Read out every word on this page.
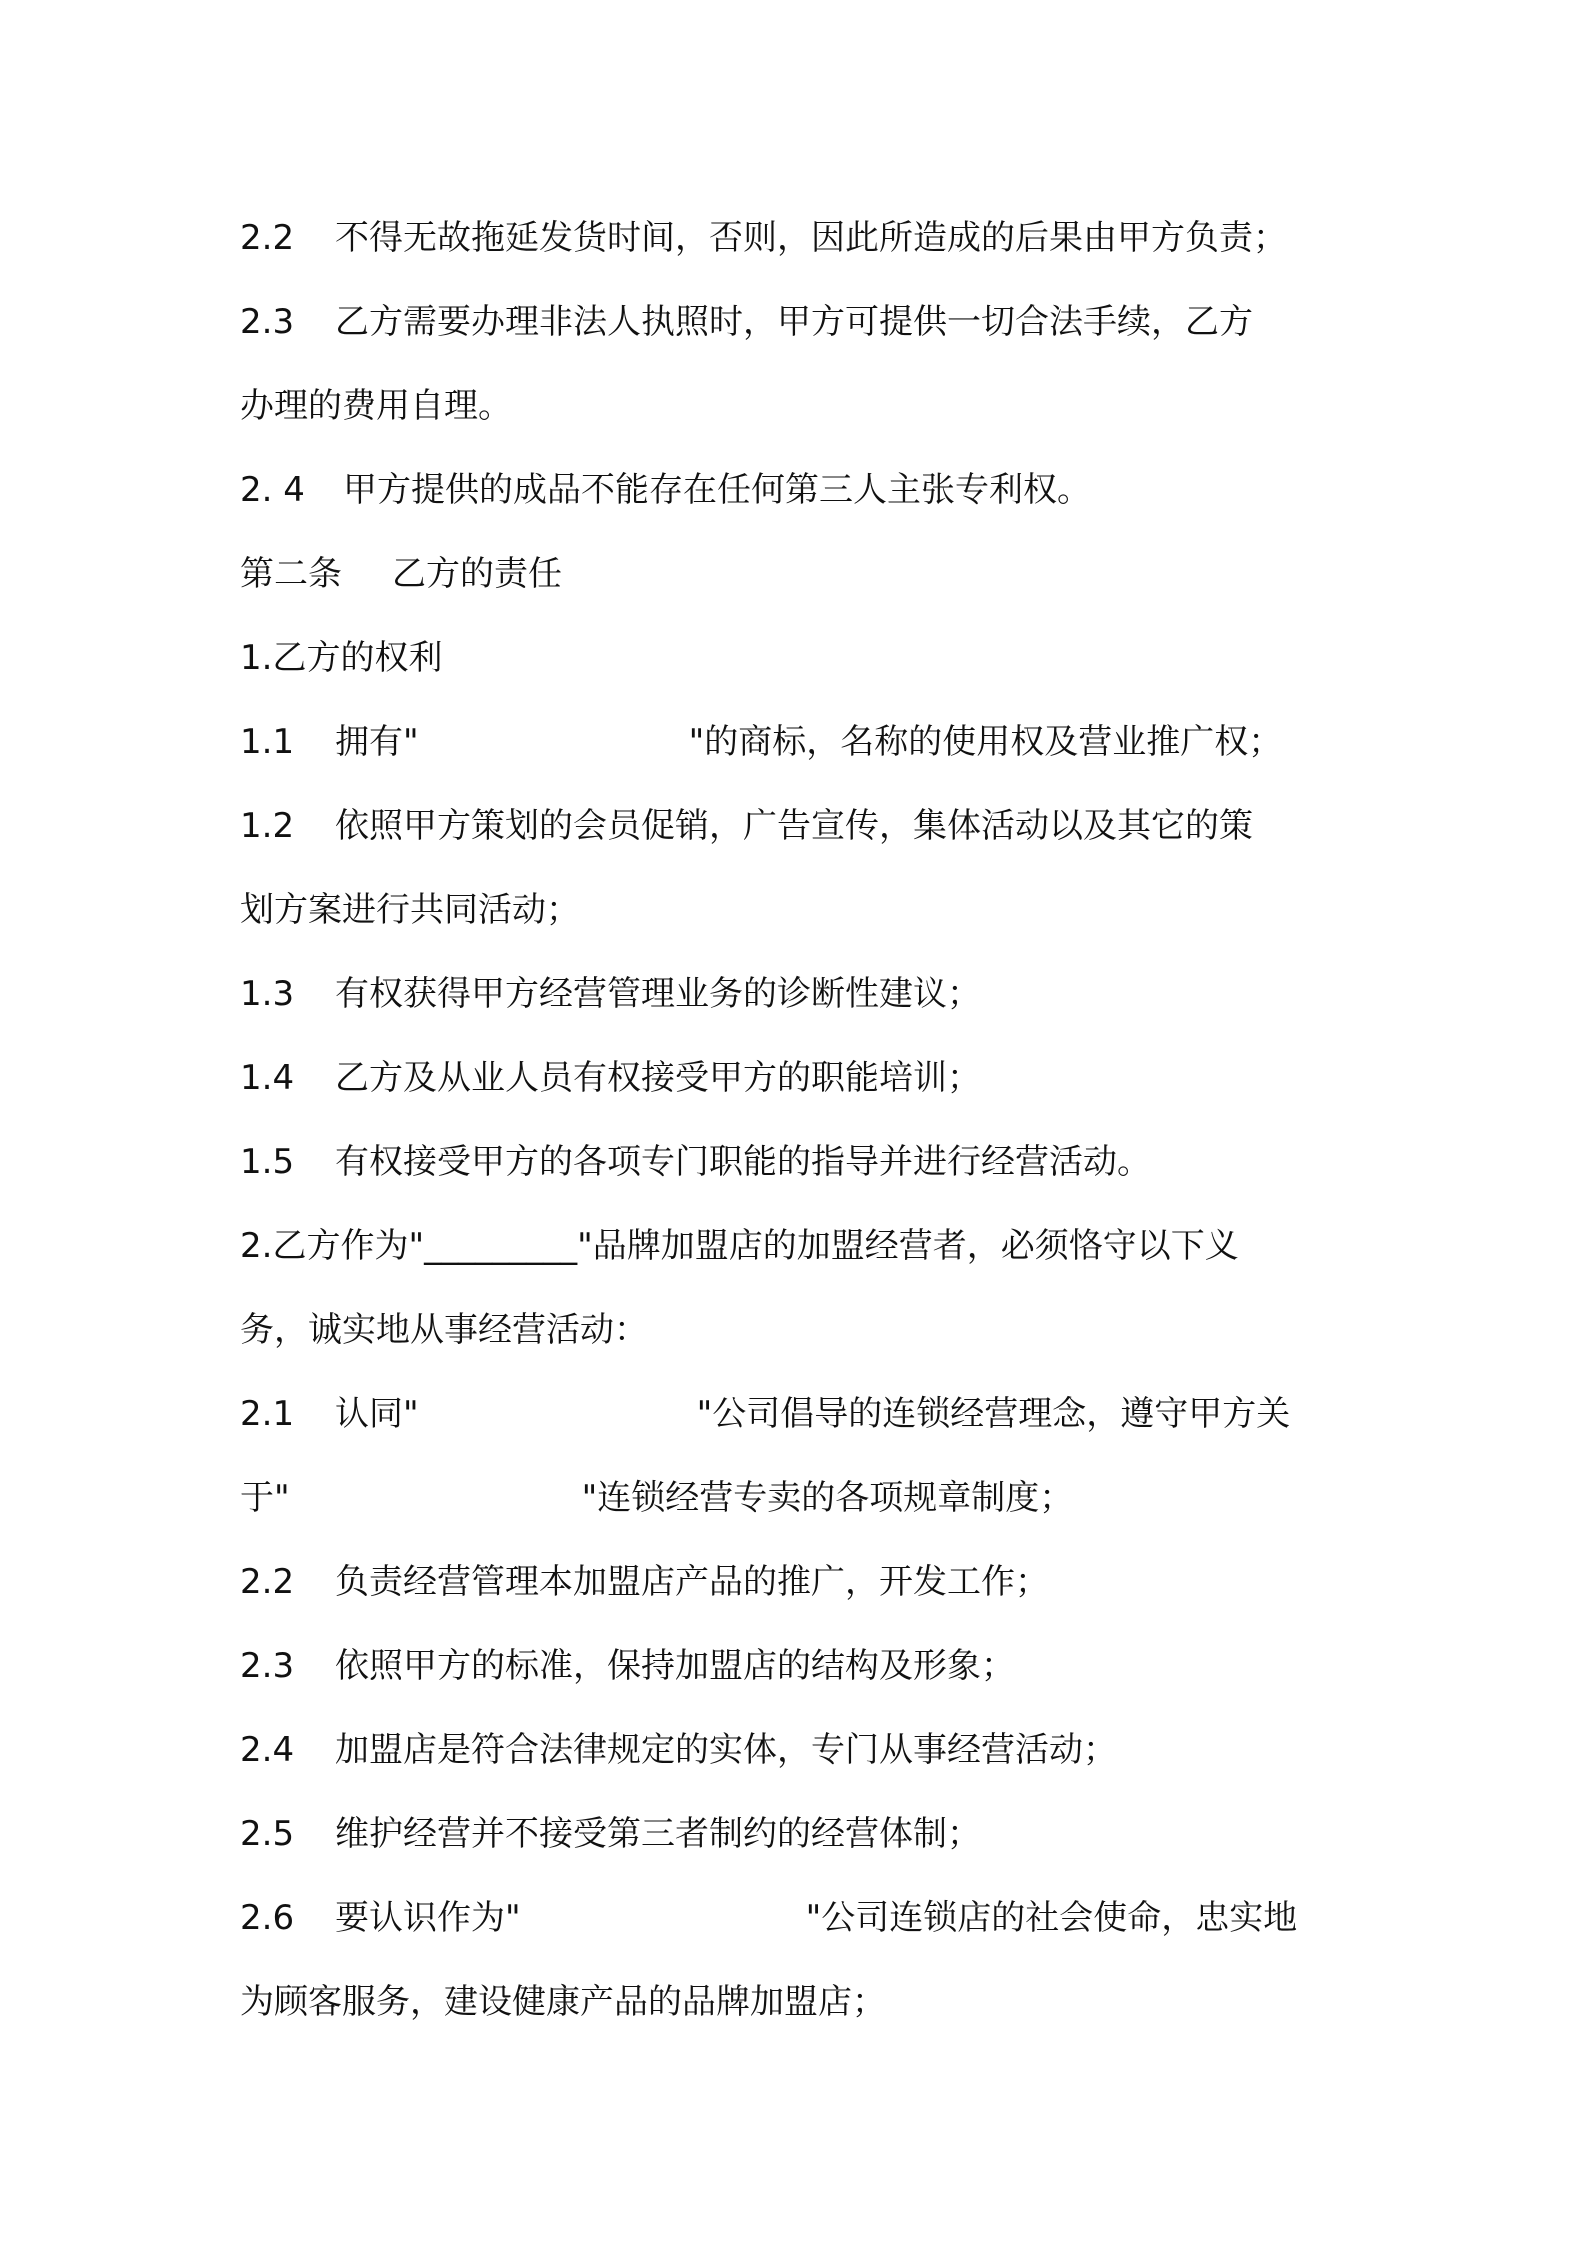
2.2 不得无故拖延发货时间，否则，因此所造成的后果由甲方负责；
2.3 乙方需要办理非法人执照时，甲方可提供一切合法手续，乙方
办理的费用自理。
2. 4 甲方提供的成品不能存在任何第三人主张专利权。
第二条 乙方的责任
1.乙方的权利
1.1 拥有"	"的商标，名称的使用权及营业推广权；
1.2 依照甲方策划的会员促销，广告宣传，集体活动以及其它的策
划方案进行共同活动；
1.3 有权获得甲方经营管理业务的诊断性建议；
1.4 乙方及从业人员有权接受甲方的职能培训；
1.5 有权接受甲方的各项专门职能的指导并进行经营活动。
2.乙方作为"_________"品牌加盟店的加盟经营者，必须恪守以下义
务，诚实地从事经营活动：
2.1 认同"	"公司倡导的连锁经营理念，遵守甲方关
于"	"连锁经营专卖的各项规章制度；
2.2 负责经营管理本加盟店产品的推广，开发工作；
2.3 依照甲方的标准，保持加盟店的结构及形象；
2.4 加盟店是符合法律规定的实体，专门从事经营活动；
2.5 维护经营并不接受第三者制约的经营体制；
2.6 要认识作为"	"公司连锁店的社会使命，忠实地
为顾客服务，建设健康产品的品牌加盟店；
